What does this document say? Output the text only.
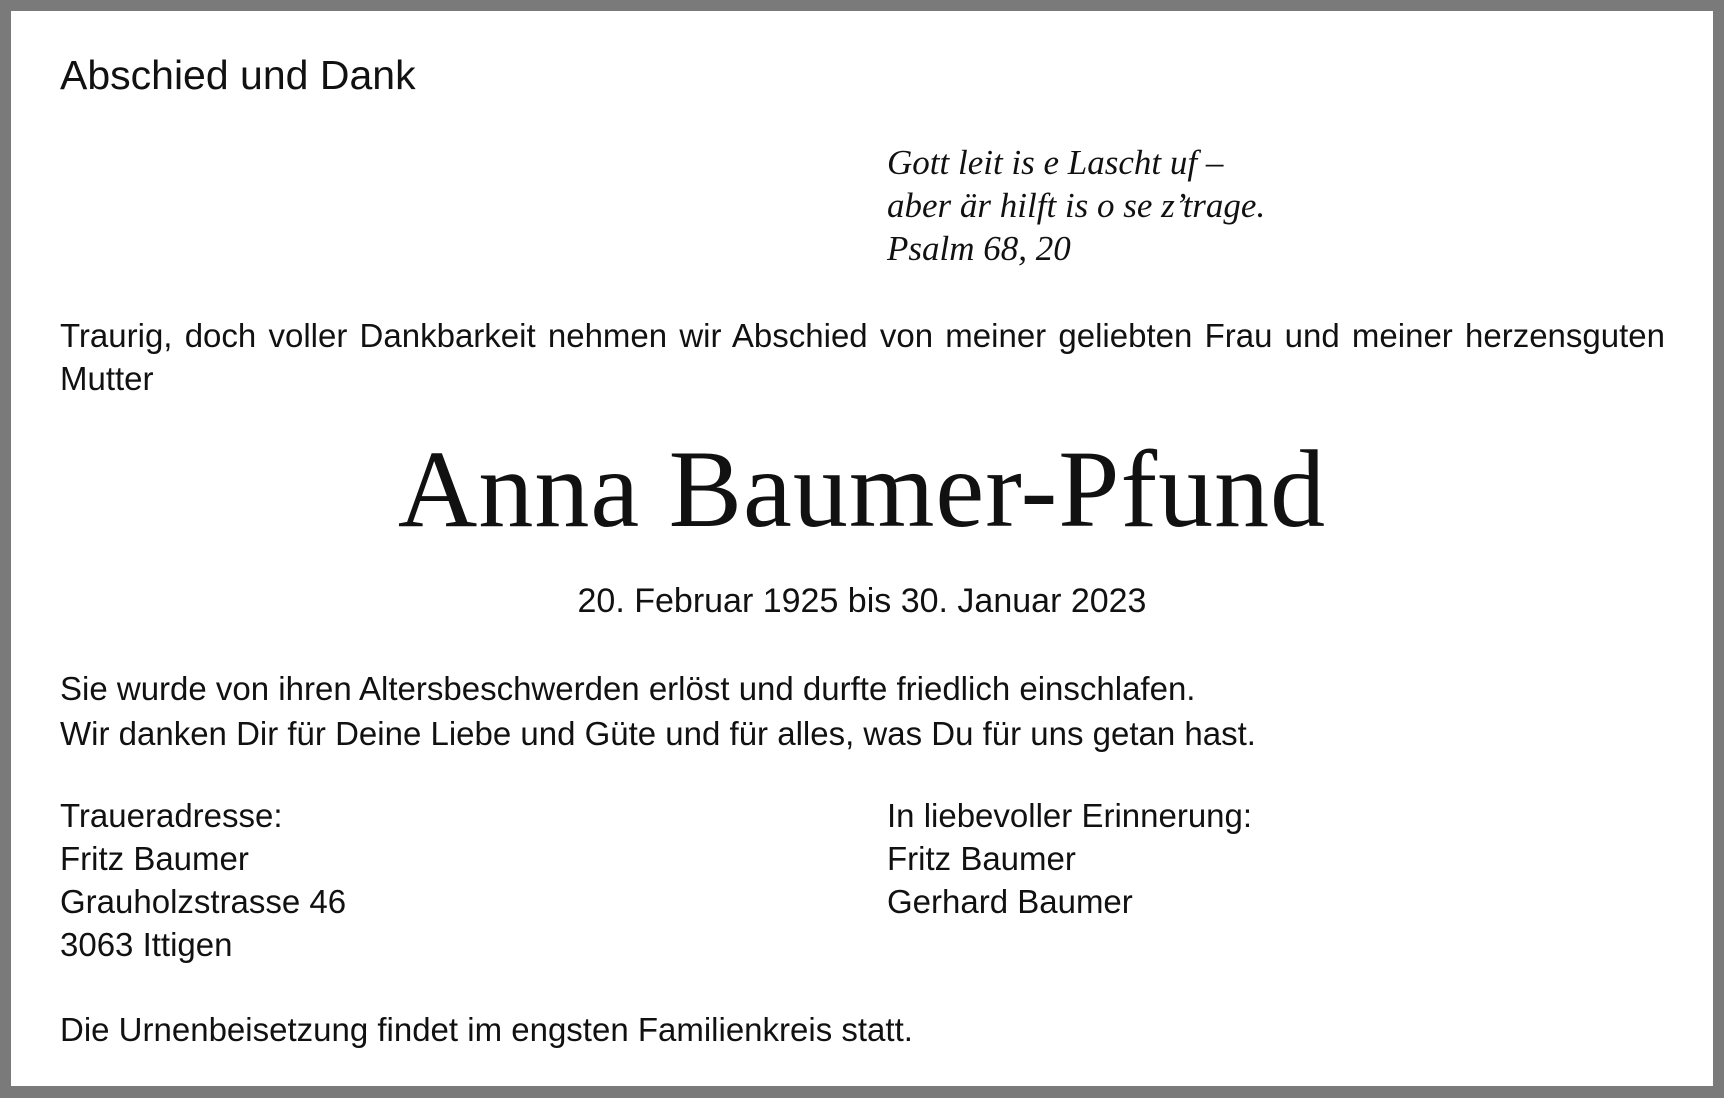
Abschied und Dank
Gott leit is e Lascht uf –
aber är hilft is o se z’trage.
Psalm 68, 20
Traurig, doch voller Dankbarkeit nehmen wir Abschied von meiner geliebten Frau und meiner herzensguten Mutter
Anna Baumer-Pfund
20. Februar 1925 bis 30. Januar 2023
Sie wurde von ihren Altersbeschwerden erlöst und durfte friedlich einschlafen.
Wir danken Dir für Deine Liebe und Güte und für alles, was Du für uns getan hast.
Traueradresse:
Fritz Baumer
Grauholzstrasse 46
3063 Ittigen
In liebevoller Erinnerung:
Fritz Baumer
Gerhard Baumer
Die Urnenbeisetzung findet im engsten Familienkreis statt.
